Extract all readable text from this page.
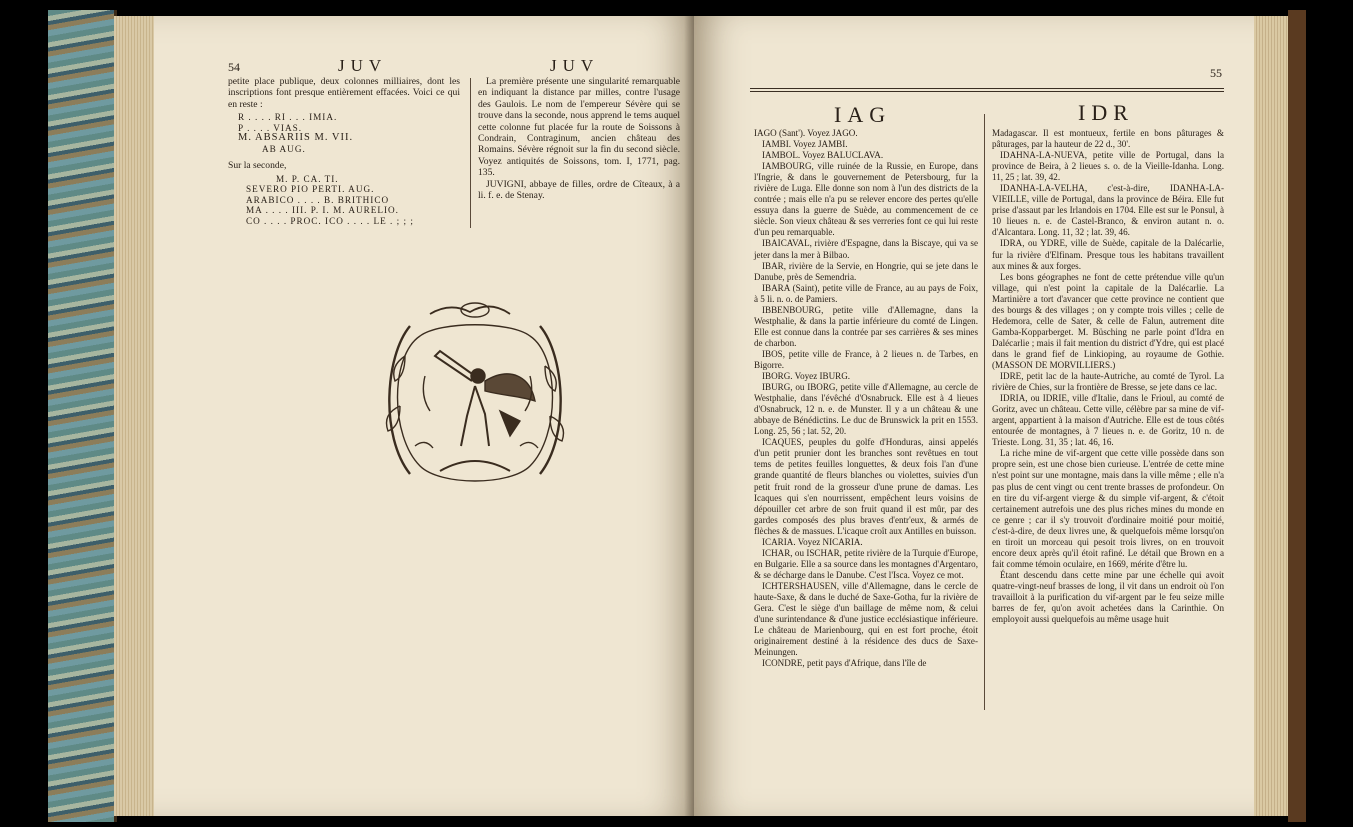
54	JUV	JUV

petite place publique, deux colonnes milliaires, dont les inscriptions font presque entièrement effacées. Voici ce qui en reste :

R . . . . RI . . . IMIA.
P . . . . VIAS.
M. ABSARIIS M. VII.
AB AUG.

Sur la seconde,

M. P. CA. TI.
SEVERO PIO PERTI. AUG.
ARABICO . . . . B. BRITHICO
MA . . . . III. P. I. M. AURELIO.
CO . . . . PROC. ICO . . . . LE . ; ; ;

La première présente une singularité remarquable en indiquant la distance par milles, contre l'usage des Gaulois. Le nom de l'empereur Sévère qui se trouve dans la seconde, nous apprend le tems auquel cette colonne fut placée fur la route de Soissons à Condrain, Contraginum, ancien château des Romains. Sévère régnoit sur la fin du second siècle. Voyez antiquités de Soissons, tom. I, 1771, pag. 135.

JUVIGNI, abbaye de filles, ordre de Cîteaux, à a li. f. e. de Stenay.

55
IAG	IDR

IAGO (Sant'). Voyez JAGO.

IAMBI. Voyez JAMBI.

IAMBOL. Voyez BALUCLAVA.

IAMBOURG, ville ruinée de la Russie, en Europe, dans l'Ingrie, & dans le gouvernement de Petersbourg, fur la rivière de Luga. Elle donne son nom à l'un des districts de la contrée ; mais elle n'a pu se relever encore des pertes qu'elle essuya dans la guerre de Suède, au commencement de ce siècle. Son vieux château & ses verreries font ce qui lui reste d'un peu remarquable.

IBAICAVAL, rivière d'Espagne, dans la Biscaye, qui va se jeter dans la mer à Bilbao.

IBAR, rivière de la Servie, en Hongrie, qui se jete dans le Danube, près de Semendria.

IBARA (Saint), petite ville de France, au au pays de Foix, à 5 li. n. o. de Pamiers.

IBBENBOURG, petite ville d'Allemagne, dans la Westphalie, & dans la partie inférieure du comté de Lingen. Elle est connue dans la contrée par ses carrières & ses mines de charbon.

IBOS, petite ville de France, à 2 lieues n. de Tarbes, en Bigorre.

IBORG. Voyez IBURG.

IBURG, ou IBORG, petite ville d'Allemagne, au cercle de Westphalie, dans l'évêché d'Osnabruck. Elle est à 4 lieues d'Osnabruck, 12 n. e. de Munster. Il y a un château & une abbaye de Bénédictins. Le duc de Brunswick la prit en 1553. Long. 25, 56 ; lat. 52, 20.

ICAQUES, peuples du golfe d'Honduras, ainsi appelés d'un petit prunier dont les branches sont revêtues en tout tems de petites feuilles longuettes, & deux fois l'an d'une grande quantité de fleurs blanches ou violettes, suivies d'un petit fruit rond de la grosseur d'une prune de damas. Les Icaques qui s'en nourrissent, empêchent leurs voisins de dépouiller cet arbre de son fruit quand il est mûr, par des gardes composés des plus braves d'entr'eux, & armés de flèches & de massues. L'icaque croît aux Antilles en buisson.

ICARIA. Voyez NICARIA.

ICHAR, ou ISCHAR, petite rivière de la Turquie d'Europe, en Bulgarie. Elle a sa source dans les montagnes d'Argentaro, & se décharge dans le Danube. C'est l'Isca. Voyez ce mot.

ICHTERSHAUSEN, ville d'Allemagne, dans le cercle de haute-Saxe, & dans le duché de Saxe-Gotha, fur la rivière de Gera. C'est le siège d'un baillage de même nom, & celui d'une surintendance & d'une justice ecclésiastique inférieure. Le château de Marienbourg, qui en est fort proche, étoit originairement destiné à la résidence des ducs de Saxe-Meinungen.

ICONDRE, petit pays d'Afrique, dans l'île de

Madagascar. Il est montueux, fertile en bons pâturages & pâturages, par la hauteur de 22 d., 30'.

IDAHNA-LA-NUEVA, petite ville de Portugal, dans la province de Beira, à 2 lieues s. o. de la Vieille-Idanha. Long. 11, 25 ; lat. 39, 42.

IDANHA-LA-VELHA, c'est-à-dire, IDANHA-LA-VIEILLE, ville de Portugal, dans la province de Béira. Elle fut prise d'assaut par les Irlandois en 1704. Elle est sur le Ponsul, à 10 lieues n. e. de Castel-Branco, & environ autant n. o. d'Alcantara. Long. 11, 32 ; lat. 39, 46.

IDRA, ou YDRE, ville de Suède, capitale de la Dalécarlie, fur la rivière d'Elfinam. Presque tous les habitans travaillent aux mines & aux forges.

Les bons géographes ne font de cette prétendue ville qu'un village, qui n'est point la capitale de la Dalécarlie. La Martinière a tort d'avancer que cette province ne contient que des bourgs & des villages ; on y compte trois villes ; celle de Hedemora, celle de Sater, & celle de Falun, autrement dite Gamba-Kopparberget. M. Büsching ne parle point d'Idra en Dalécarlie ; mais il fait mention du district d'Ydre, qui est placé dans le grand fief de Linkioping, au royaume de Gothie. (MASSON DE MORVILLIERS.)

IDRE, petit lac de la haute-Autriche, au comté de Tyrol. La rivière de Chies, sur la frontière de Bresse, se jete dans ce lac.

IDRIA, ou IDRIE, ville d'Italie, dans le Frioul, au comté de Goritz, avec un château. Cette ville, célèbre par sa mine de vif-argent, appartient à la maison d'Autriche. Elle est de tous côtés entourée de montagnes, à 7 lieues n. e. de Goritz, 10 n. de Trieste. Long. 31, 35 ; lat. 46, 16.

La riche mine de vif-argent que cette ville possède dans son propre sein, est une chose bien curieuse. L'entrée de cette mine n'est point sur une montagne, mais dans la ville même ; elle n'a pas plus de cent vingt ou cent trente brasses de profondeur. On en tire du vif-argent vierge & du simple vif-argent, & c'étoit certainement autrefois une des plus riches mines du monde en ce genre ; car il s'y trouvoit d'ordinaire moitié pour moitié, c'est-à-dire, de deux livres une, & quelquefois même lorsqu'on en tiroit un morceau qui pesoit trois livres, on en trouvoit encore deux après qu'il étoit rafiné. Le détail que Brown en a fait comme témoin oculaire, en 1669, mérite d'être lu.

Étant descendu dans cette mine par une échelle qui avoit quatre-vingt-neuf brasses de long, il vit dans un endroit où l'on travailloit à la purification du vif-argent par le feu seize mille barres de fer, qu'on avoit achetées dans la Carinthie. On employoit aussi quelquefois au même usage huit
